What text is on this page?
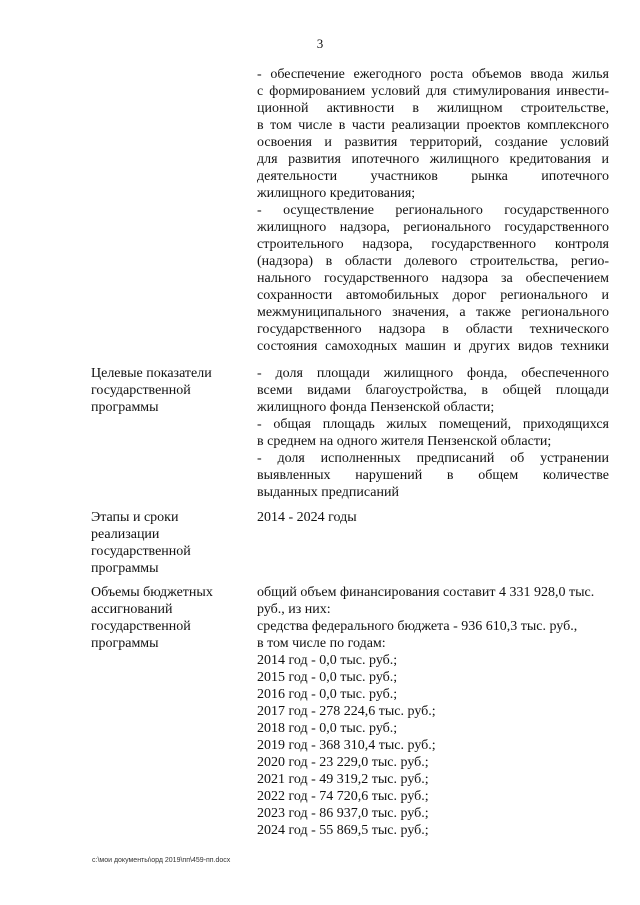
3
- обеспечение ежегодного роста объемов ввода жилья
с формированием условий для стимулирования инвести-
ционной активности в жилищном строительстве,
в том числе в части реализации проектов комплексного
освоения и развития территорий, создание условий
для развития ипотечного жилищного кредитования и
деятельности участников рынка ипотечного
жилищного кредитования;
- осуществление регионального государственного
жилищного надзора, регионального государственного
строительного надзора, государственного контроля
(надзора) в области долевого строительства, регио-
нального государственного надзора за обеспечением
сохранности автомобильных дорог регионального и
межмуниципального значения, а также регионального
государственного надзора в области технического
состояния самоходных машин и других видов техники
Целевые показатели
государственной
программы
- доля площади жилищного фонда, обеспеченного
всеми видами благоустройства, в общей площади
жилищного фонда Пензенской области;
- общая площадь жилых помещений, приходящихся
в среднем на одного жителя Пензенской области;
- доля исполненных предписаний об устранении
выявленных нарушений в общем количестве
выданных предписаний
Этапы и сроки
реализации
государственной
программы
2014 - 2024 годы
Объемы бюджетных
ассигнований
государственной
программы
общий объем финансирования составит 4 331 928,0 тыс.
руб., из них:
средства федерального бюджета - 936 610,3 тыс. руб.,
в том числе по годам:
2014 год - 0,0 тыс. руб.;
2015 год - 0,0 тыс. руб.;
2016 год - 0,0 тыс. руб.;
2017 год - 278 224,6 тыс. руб.;
2018 год - 0,0 тыс. руб.;
2019 год - 368 310,4 тыс. руб.;
2020 год - 23 229,0 тыс. руб.;
2021 год - 49 319,2 тыс. руб.;
2022 год - 74 720,6 тыс. руб.;
2023 год - 86 937,0 тыс. руб.;
2024 год - 55 869,5 тыс. руб.;
c:\мои документы\орд 2019\пп\459-пп.docx
